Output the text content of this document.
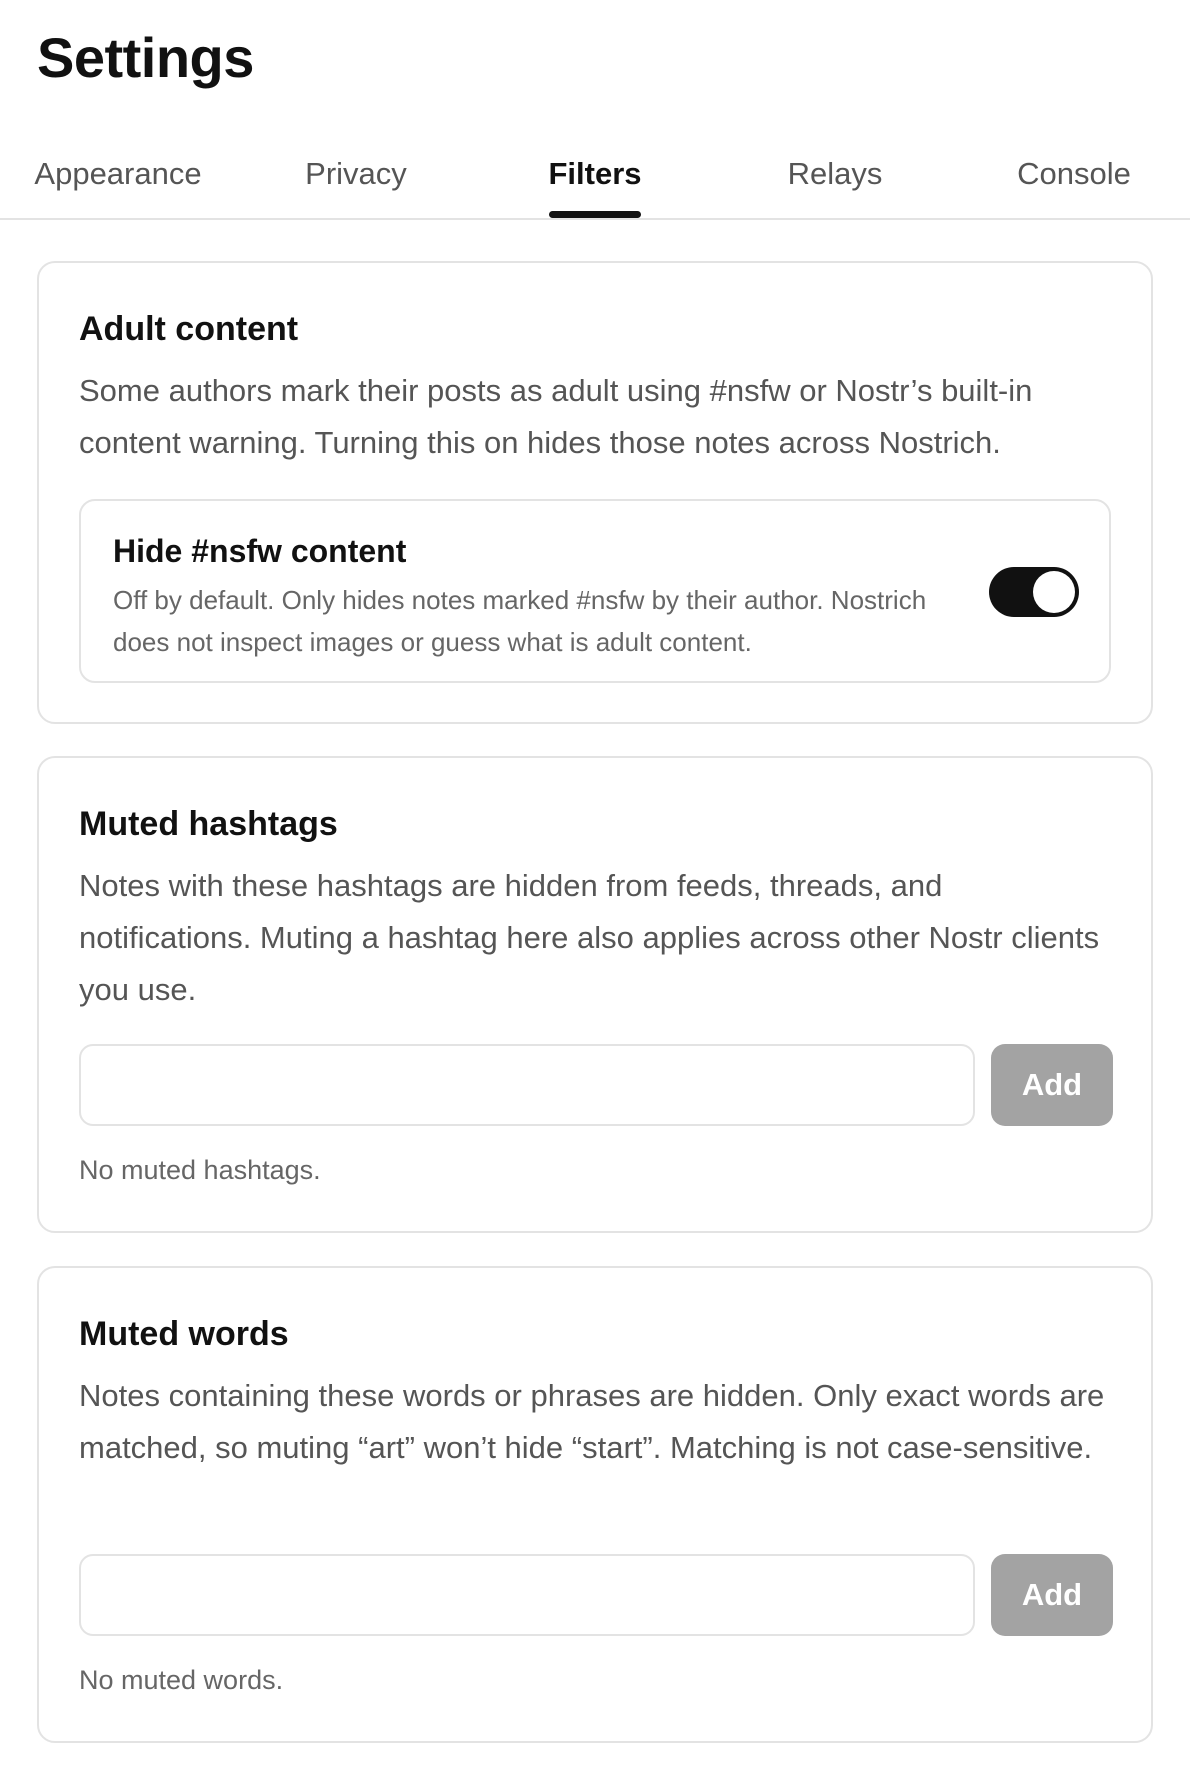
Settings
Appearance	Privacy	Filters	Relays	Console
Adult content

Some authors mark their posts as adult using #nsfw or Nostr’s built-in content warning. Turning this on hides those notes across Nostrich.

Hide #nsfw content
Off by default. Only hides notes marked #nsfw by their author. Nostrich does not inspect images or guess what is adult content.
Muted hashtags

Notes with these hashtags are hidden from feeds, threads, and notifications. Muting a hashtag here also applies across other Nostr clients you use.

Add
No muted hashtags.
Muted words

Notes containing these words or phrases are hidden. Only exact words are matched, so muting “art” won’t hide “start”. Matching is not case-sensitive.

Add
No muted words.
